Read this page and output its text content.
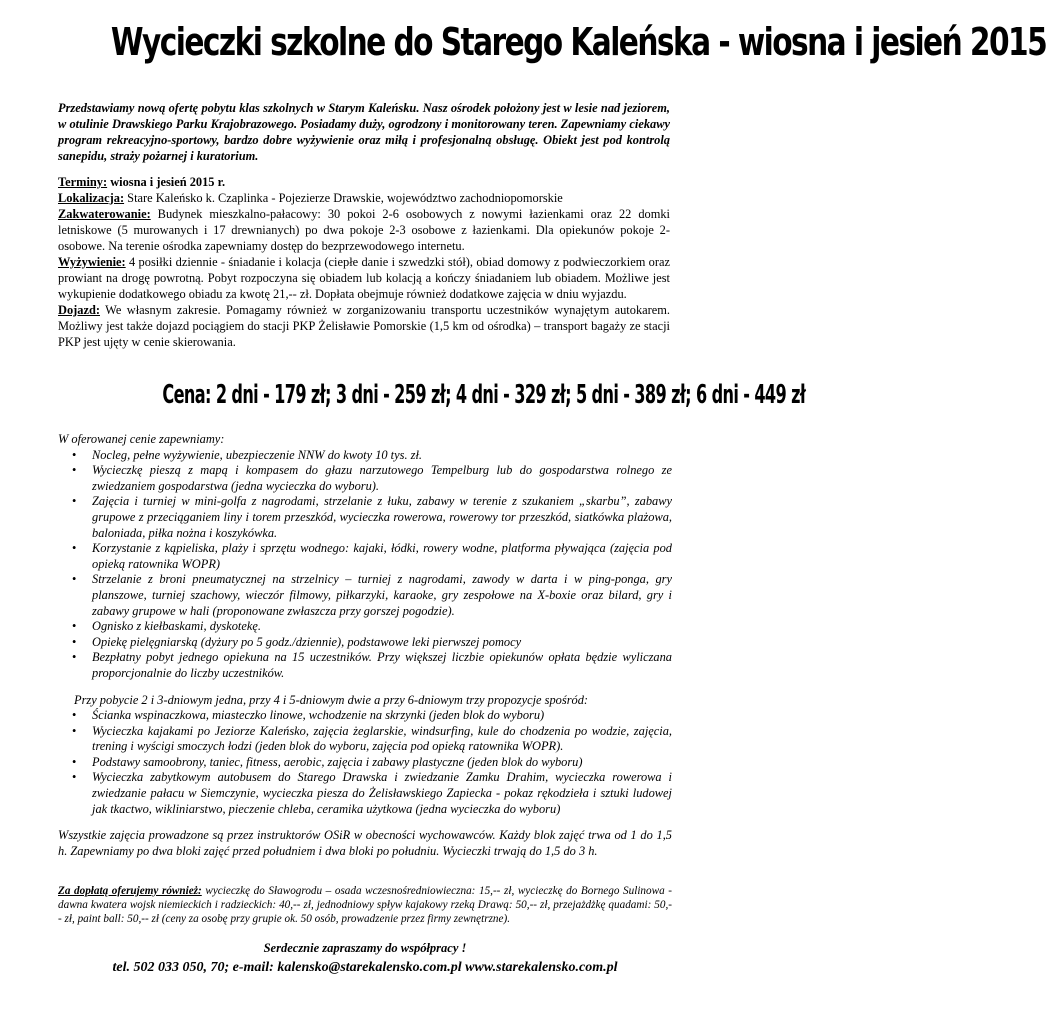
Wycieczki szkolne do Starego Kaleńska - wiosna i jesień 2015
Przedstawiamy nową ofertę pobytu klas szkolnych w Starym Kaleńsku. Nasz ośrodek położony jest w lesie nad jeziorem, w otulinie Drawskiego Parku Krajobrazowego. Posiadamy duży, ogrodzony i monitorowany teren. Zapewniamy ciekawy program rekreacyjno-sportowy, bardzo dobre wyżywienie oraz miłą i profesjonalną obsługę. Obiekt jest pod kontrolą sanepidu, straży pożarnej i kuratorium.

Terminy: wiosna i jesień 2015 r.

Lokalizacja: Stare Kaleńsko k. Czaplinka - Pojezierze Drawskie, województwo zachodniopomorskie

Zakwaterowanie: Budynek mieszkalno-pałacowy: 30 pokoi 2-6 osobowych z nowymi łazienkami oraz 22 domki letniskowe (5 murowanych i 17 drewnianych) po dwa pokoje 2-3 osobowe z łazienkami. Dla opiekunów pokoje 2-osobowe. Na terenie ośrodka zapewniamy dostęp do bezprzewodowego internetu.

Wyżywienie: 4 posiłki dziennie - śniadanie i kolacja (ciepłe danie i szwedzki stół), obiad domowy z podwieczorkiem oraz prowiant na drogę powrotną. Pobyt rozpoczyna się obiadem lub kolacją a kończy śniadaniem lub obiadem. Możliwe jest wykupienie dodatkowego obiadu za kwotę 21,-- zł. Dopłata obejmuje również dodatkowe zajęcia w dniu wyjazdu.

Dojazd: We własnym zakresie. Pomagamy również w zorganizowaniu transportu uczestników wynajętym autokarem. Możliwy jest także dojazd pociągiem do stacji PKP Żelisławie Pomorskie (1,5 km od ośrodka) – transport bagaży ze stacji PKP jest ujęty w cenie skierowania.

Cena: 2 dni - 179 zł; 3 dni - 259 zł; 4 dni - 329 zł; 5 dni - 389 zł; 6 dni - 449 zł

W oferowanej cenie zapewniamy:

• Nocleg, pełne wyżywienie, ubezpieczenie NNW do kwoty 10 tys. zł.
• Wycieczkę pieszą z mapą i kompasem do głazu narzutowego Tempelburg lub do gospodarstwa rolnego ze zwiedzaniem gospodarstwa (jedna wycieczka do wyboru).
• Zajęcia i turniej w mini-golfa z nagrodami, strzelanie z łuku, zabawy w terenie z szukaniem „skarbu”, zabawy grupowe z przeciąganiem liny i torem przeszkód, wycieczka rowerowa, rowerowy tor przeszkód, siatkówka plażowa, baloniada, piłka nożna i koszykówka.
• Korzystanie z kąpieliska, plaży i sprzętu wodnego: kajaki, łódki, rowery wodne, platforma pływająca (zajęcia pod opieką ratownika WOPR)
• Strzelanie z broni pneumatycznej na strzelnicy – turniej z nagrodami, zawody w darta i w ping-ponga, gry planszowe, turniej szachowy, wieczór filmowy, piłkarzyki, karaoke, gry zespołowe na X-boxie oraz bilard, gry i zabawy grupowe w hali (proponowane zwłaszcza przy gorszej pogodzie).
• Ognisko z kiełbaskami, dyskotekę.
• Opiekę pielęgniarską (dyżury po 5 godz./dziennie), podstawowe leki pierwszej pomocy
• Bezpłatny pobyt jednego opiekuna na 15 uczestników. Przy większej liczbie opiekunów opłata będzie wyliczana proporcjonalnie do liczby uczestników.

Przy pobycie 2 i 3-dniowym jedna, przy 4 i 5-dniowym dwie a przy 6-dniowym trzy propozycje spośród:

• Ścianka wspinaczkowa, miasteczko linowe, wchodzenie na skrzynki (jeden blok do wyboru)
• Wycieczka kajakami po Jeziorze Kaleńsko, zajęcia żeglarskie, windsurfing, kule do chodzenia po wodzie, zajęcia, trening i wyścigi smoczych łodzi (jeden blok do wyboru, zajęcia pod opieką ratownika WOPR).
• Podstawy samoobrony, taniec, fitness, aerobic, zajęcia i zabawy plastyczne (jeden blok do wyboru)
• Wycieczka zabytkowym autobusem do Starego Drawska i zwiedzanie Zamku Drahim, wycieczka rowerowa i zwiedzanie pałacu w Siemczynie, wycieczka piesza do Żelisławskiego Zapiecka - pokaz rękodzieła i sztuki ludowej jak tkactwo, wikliniarstwo, pieczenie chleba, ceramika użytkowa (jedna wycieczka do wyboru)

Wszystkie zajęcia prowadzone są przez instruktorów OSiR w obecności wychowawców. Każdy blok zajęć trwa od 1 do 1,5 h. Zapewniamy po dwa bloki zajęć przed południem i dwa bloki po południu. Wycieczki trwają do 1,5 do 3 h.

Za dopłatą oferujemy również: wycieczkę do Sławogrodu – osada wczesnośredniowieczna: 15,-- zł, wycieczkę do Bornego Sulinowa - dawna kwatera wojsk niemieckich i radzieckich: 40,-- zł, jednodniowy spływ kajakowy rzeką Drawą: 50,-- zł, przejażdżkę quadami: 50,-- zł, paint ball: 50,-- zł (ceny za osobę przy grupie ok. 50 osób, prowadzenie przez firmy zewnętrzne).
Serdecznie zapraszamy do współpracy !
tel. 502 033 050, 70; e-mail: kalensko@starekalensko.com.pl www.starekalensko.com.pl
